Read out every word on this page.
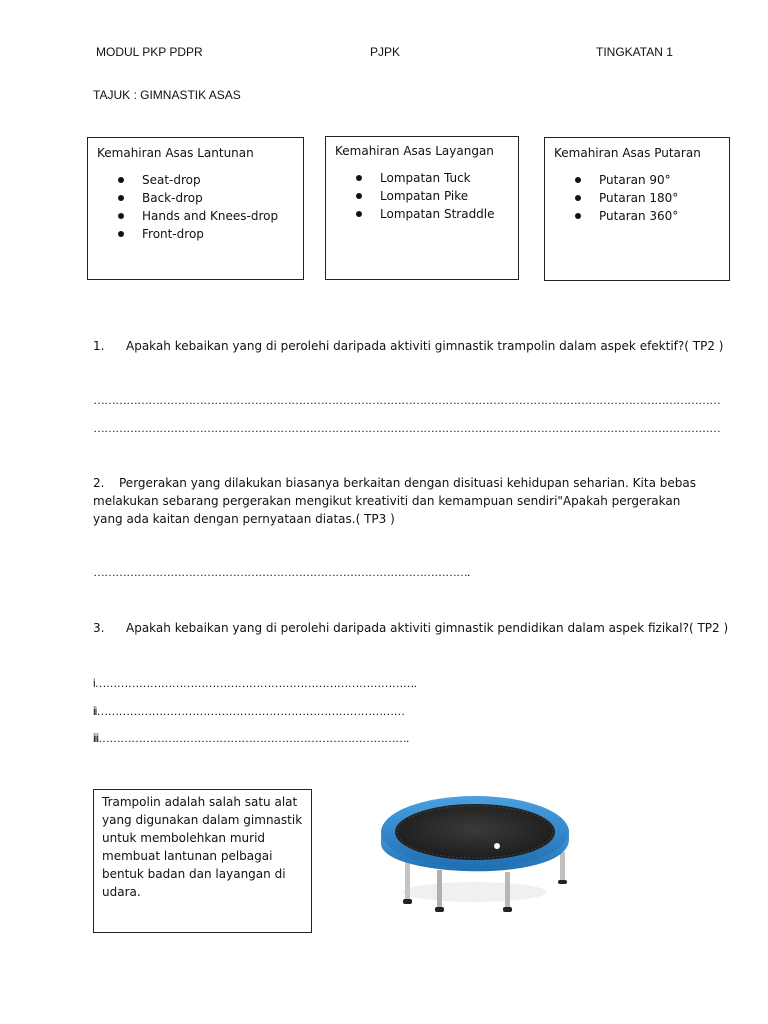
MODUL PKP PDPR	PJPK	TINGKATAN 1
TAJUK : GIMNASTIK ASAS
Kemahiran Asas Lantunan
Seat-drop
Back-drop
Hands and Knees-drop
Front-drop
Kemahiran Asas Layangan
Lompatan Tuck
Lompatan Pike
Lompatan Straddle
Kemahiran Asas Putaran
Putaran 90°
Putaran 180°
Putaran 360°
1. Apakah kebaikan yang di perolehi daripada aktiviti gimnastik trampolin dalam aspek efektif?( TP2 )
………………………………………………………………………………………………………………………………………………………
………………………………………………………………………………………………………………………………………………………
2. Pergerakan yang dilakukan biasanya berkaitan dengan disituasi kehidupan seharian. Kita bebas
melakukan sebarang pergerakan mengikut kreativiti dan kemampuan sendiri"Apakah pergerakan
yang ada kaitan dengan pernyataan diatas.( TP3 )
………………………………………………………………………………………….
3. Apakah kebaikan yang di perolehi daripada aktiviti gimnastik pendidikan dalam aspek fizikal?( TP2 )
i…………………………………………………………………………….
ii…………………………………………………………………………
iii………………………………………………………………………….
Trampolin adalah salah satu alat yang digunakan dalam gimnastik untuk membolehkan murid membuat lantunan pelbagai bentuk badan dan layangan di udara.
